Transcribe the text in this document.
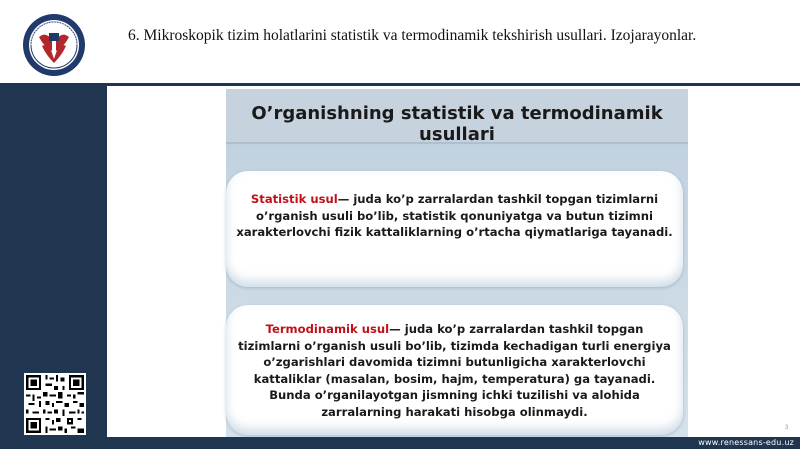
6. Mikroskopik tizim holatlarini statistik va termodinamik tekshirish usullari. Izojarayonlar.
O’rganishning statistik va termodinamik usullari

Statistik usul— juda ko’p zarralardan tashkil topgan tizimlarni o’rganish usuli bo’lib, statistik qonuniyatga va butun tizimni xarakterlovchi fizik kattaliklarning o’rtacha qiymatlariga tayanadi.

Termodinamik usul— juda ko’p zarralardan tashkil topgan tizimlarni o’rganish usuli bo’lib, tizimda kechadigan turli energiya o’zgarishlari davomida tizimni butunligicha xarakterlovchi kattaliklar (masalan, bosim, hajm, temperatura) ga tayanadi. Bunda o’rganilayotgan jismning ichki tuzilishi va alohida zarralarning harakati hisobga olinmaydi.

3
www.renessans-edu.uz
